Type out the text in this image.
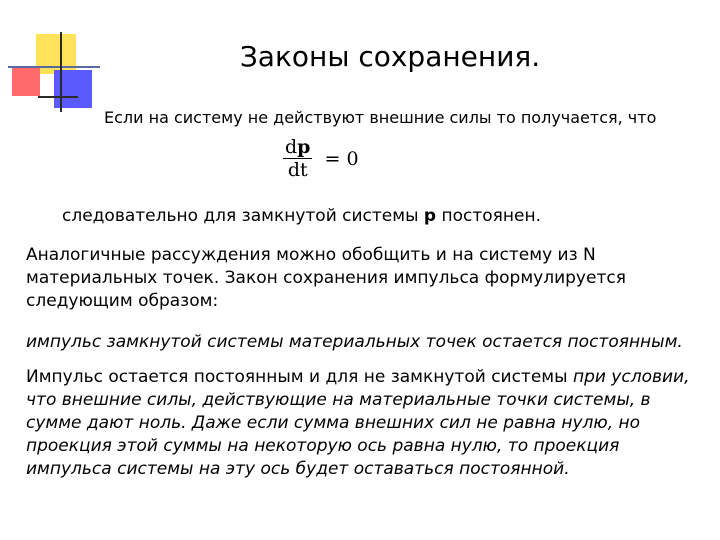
Законы сохранения.
Если на систему не действуют внешние силы то получается, что
$\frac{dp}{dt} = 0$
следовательно для замкнутой системы p постоянен.
Аналогичные рассуждения можно обобщить и на систему из N материальных точек. Закон сохранения импульса формулируется следующим образом:
импульс замкнутой системы материальных точек остается постоянным.
Импульс остается постоянным и для не замкнутой системы при условии, что внешние силы, действующие на материальные точки системы, в сумме дают ноль. Даже если сумма внешних сил не равна нулю, но проекция этой суммы на некоторую ось равна нулю, то проекция импульса системы на эту ось будет оставаться постоянной.
